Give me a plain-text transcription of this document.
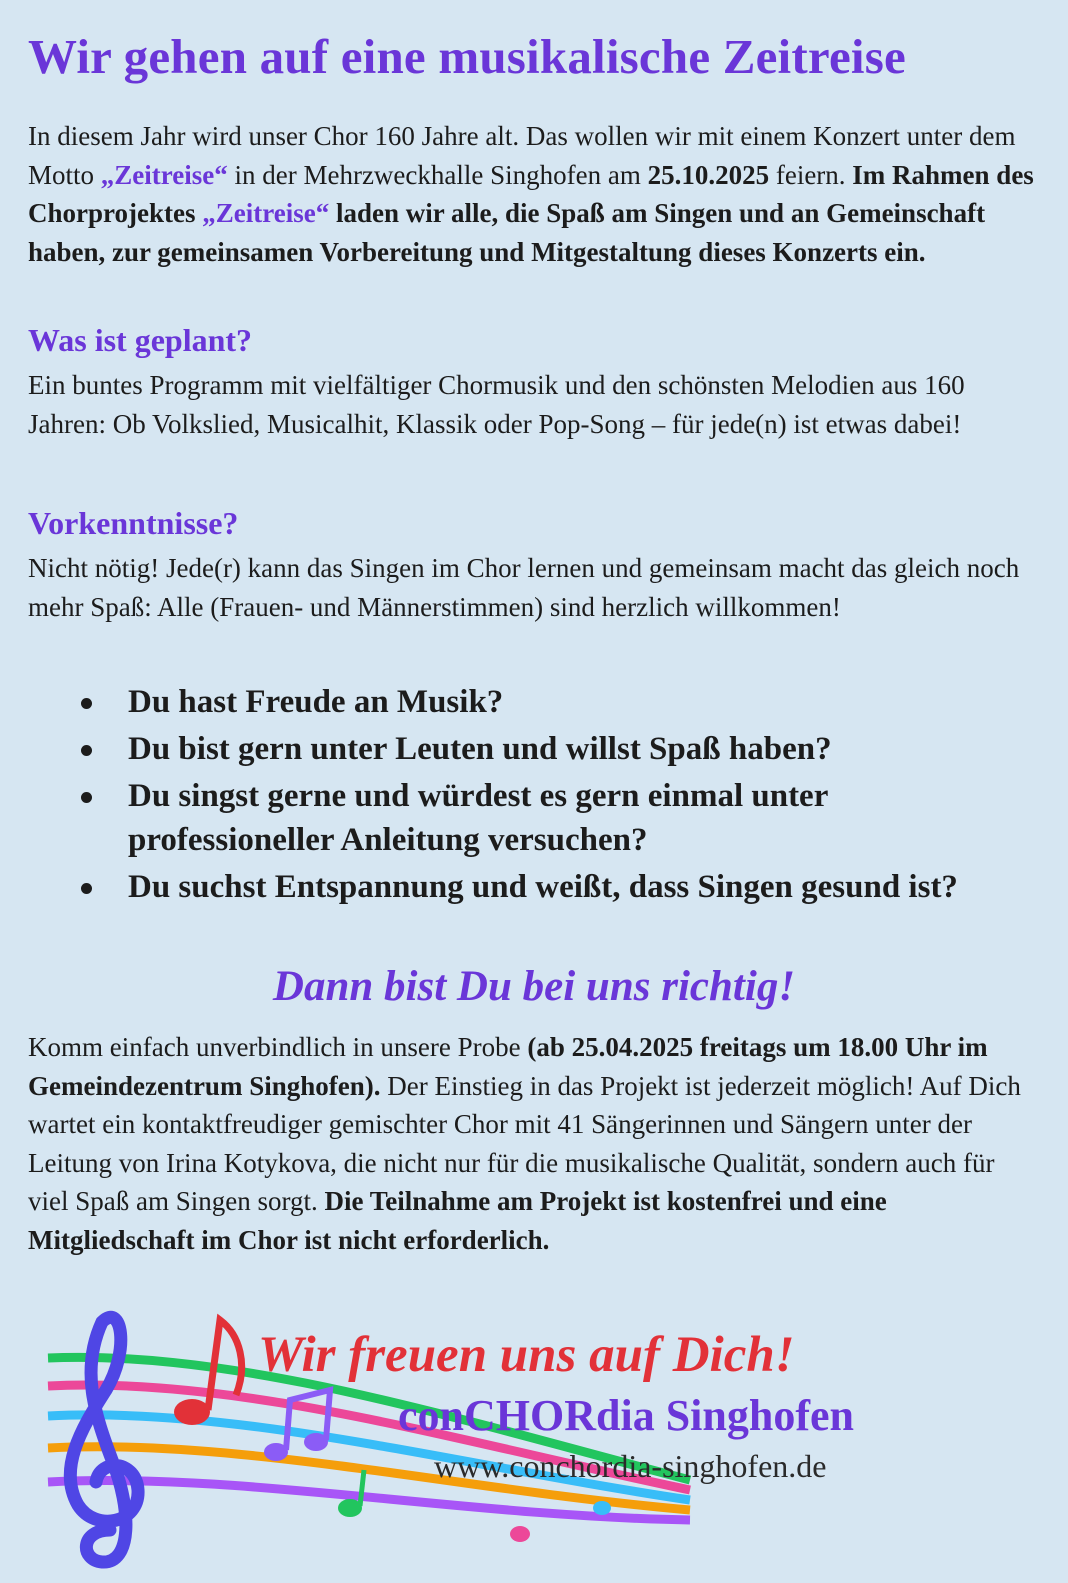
Wir gehen auf eine musikalische Zeitreise

In diesem Jahr wird unser Chor 160 Jahre alt. Das wollen wir mit einem Konzert unter dem Motto „Zeitreise“ in der Mehrzweckhalle Singhofen am 25.10.2025 feiern. Im Rahmen des Chorprojektes „Zeitreise“ laden wir alle, die Spaß am Singen und an Gemeinschaft haben, zur gemeinsamen Vorbereitung und Mitgestaltung dieses Konzerts ein.

Was ist geplant?

Ein buntes Programm mit vielfältiger Chormusik und den schönsten Melodien aus 160 Jahren: Ob Volkslied, Musicalhit, Klassik oder Pop-Song – für jede(n) ist etwas dabei!

Vorkenntnisse?

Nicht nötig! Jede(r) kann das Singen im Chor lernen und gemeinsam macht das gleich noch mehr Spaß: Alle (Frauen- und Männerstimmen) sind herzlich willkommen!

Du hast Freude an Musik?
Du bist gern unter Leuten und willst Spaß haben?
Du singst gerne und würdest es gern einmal unter professioneller Anleitung versuchen?
Du suchst Entspannung und weißt, dass Singen gesund ist?

Dann bist Du bei uns richtig!

Komm einfach unverbindlich in unsere Probe (ab 25.04.2025 freitags um 18.00 Uhr im Gemeindezentrum Singhofen). Der Einstieg in das Projekt ist jederzeit möglich! Auf Dich wartet ein kontaktfreudiger gemischter Chor mit 41 Sängerinnen und Sängern unter der Leitung von Irina Kotykova, die nicht nur für die musikalische Qualität, sondern auch für viel Spaß am Singen sorgt. Die Teilnahme am Projekt ist kostenfrei und eine Mitgliedschaft im Chor ist nicht erforderlich.

Wir freuen uns auf Dich!

conCHORdia Singhofen

www.conchordia-singhofen.de
